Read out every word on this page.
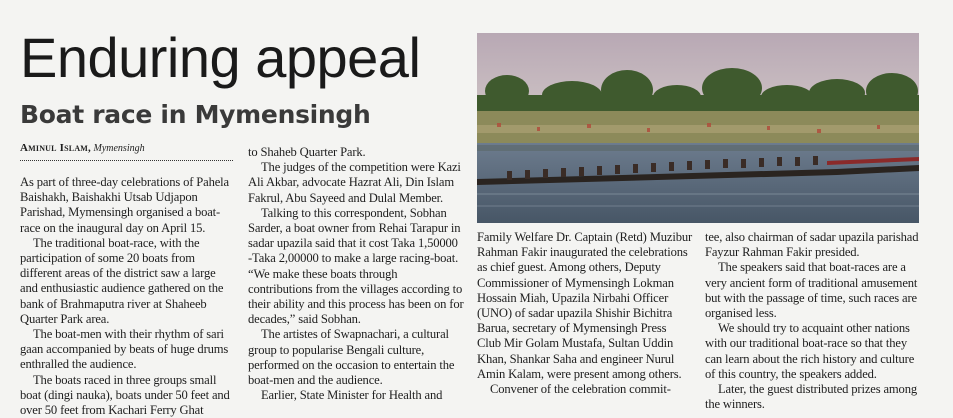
Enduring appeal
Boat race in Mymensingh
Aminul Islam, Mymensingh

As part of three-day celebrations of Pahela Baishakh, Baishakhi Utsab Udjapon Parishad, Mymensingh organised a boat-race on the inaugural day on April 15.

The traditional boat-race, with the participation of some 20 boats from different areas of the district saw a large and enthusiastic audience gathered on the bank of Brahmaputra river at Shaheeb Quarter Park area.

The boat-men with their rhythm of sari gaan accompanied by beats of huge drums enthralled the audience.

The boats raced in three groups small boat (dingi nauka), boats under 50 feet and over 50 feet from Kachari Ferry Ghat

to Shaheb Quarter Park.

The judges of the competition were Kazi Ali Akbar, advocate Hazrat Ali, Din Islam Fakrul, Abu Sayeed and Dulal Member.

Talking to this correspondent, Sobhan Sarder, a boat owner from Rehai Tarapur in sadar upazila said that it cost Taka 1,50000 -Taka 2,00000 to make a large racing-boat. “We make these boats through contributions from the villages according to their ability and this process has been on for decades,” said Sobhan.

The artistes of Swapnachari, a cultural group to popularise Bengali culture, performed on the occasion to entertain the boat-men and the audience.

Earlier, State Minister for Health and

Family Welfare Dr. Captain (Retd) Muzibur Rahman Fakir inaugurated the celebrations as chief guest. Among others, Deputy Commissioner of Mymensingh Lokman Hossain Miah, Upazila Nirbahi Officer (UNO) of sadar upazila Shishir Bichitra Barua, secretary of Mymensingh Press Club Mir Golam Mustafa, Sultan Uddin Khan, Shankar Saha and engineer Nurul Amin Kalam, were present among others.

Convener of the celebration commit-

tee, also chairman of sadar upazila parishad Fayzur Rahman Fakir presided.

The speakers said that boat-races are a very ancient form of traditional amusement but with the passage of time, such races are organised less.

We should try to acquaint other nations with our traditional boat-race so that they can learn about the rich history and culture of this country, the speakers added.

Later, the guest distributed prizes among the winners.
